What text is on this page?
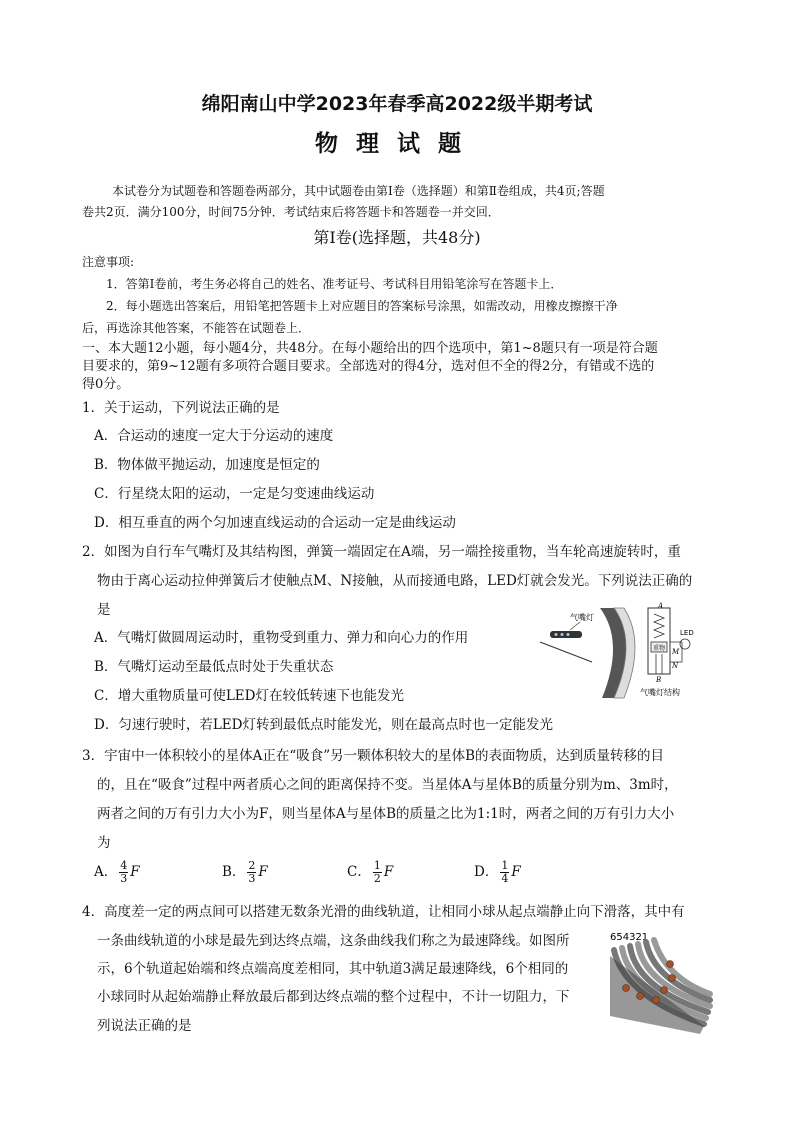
绵阳南山中学2023年春季高2022级半期考试
物理试题
本试卷分为试题卷和答题卷两部分，其中试题卷由第Ⅰ卷（选择题）和第Ⅱ卷组成，共4页;答题
卷共2页．满分100分，时间75分钟．考试结束后将答题卡和答题卷一并交回．
第Ⅰ卷(选择题，共48分)
注意事项:
1．答第Ⅰ卷前，考生务必将自己的姓名、准考证号、考试科目用铅笔涂写在答题卡上．
2．每小题选出答案后，用铅笔把答题卡上对应题目的答案标号涂黑，如需改动，用橡皮擦擦干净
后，再选涂其他答案，不能答在试题卷上．
一、本大题12小题，每小题4分，共48分。在每小题给出的四个选项中，第1~8题只有一项是符合题
目要求的，第9~12题有多项符合题目要求。全部选对的得4分，选对但不全的得2分，有错或不选的
得0分。
1．关于运动，下列说法正确的是
A．合运动的速度一定大于分运动的速度
B．物体做平抛运动，加速度是恒定的
C．行星绕太阳的运动，一定是匀变速曲线运动
D．相互垂直的两个匀加速直线运动的合运动一定是曲线运动
2．如图为自行车气嘴灯及其结构图，弹簧一端固定在A端，另一端拴接重物，当车轮高速旋转时，重
物由于离心运动拉伸弹簧后才使触点M、N接触，从而接通电路，LED灯就会发光。下列说法正确的
是
A．气嘴灯做圆周运动时，重物受到重力、弹力和向心力的作用
B．气嘴灯运动至最低点时处于失重状态
C．增大重物质量可使LED灯在较低转速下也能发光
D．匀速行驶时，若LED灯转到最低点时能发光，则在最高点时也一定能发光
气嘴灯
重物
A
B
M
N
LED
气嘴灯结构
3．宇宙中一体积较小的星体A正在“吸食”另一颗体积较大的星体B的表面物质，达到质量转移的目
的，且在“吸食”过程中两者质心之间的距离保持不变。当星体A与星体B的质量分别为m、3m时，
两者之间的万有引力大小为F，则当星体A与星体B的质量之比为1:1时，两者之间的万有引力大小
为
A． $\frac{4}{3}$ F	B． $\frac{2}{3}$ F	C． $\frac{1}{2}$ F	D． $\frac{1}{4}$ F
4．高度差一定的两点间可以搭建无数条光滑的曲线轨道，让相同小球从起点端静止向下滑落，其中有
一条曲线轨道的小球是最先到达终点端，这条曲线我们称之为最速降线。如图所
示，6个轨道起始端和终点端高度差相同，其中轨道3满足最速降线，6个相同的
小球同时从起始端静止释放最后都到达终点端的整个过程中，不计一切阻力，下
列说法正确的是
654321
